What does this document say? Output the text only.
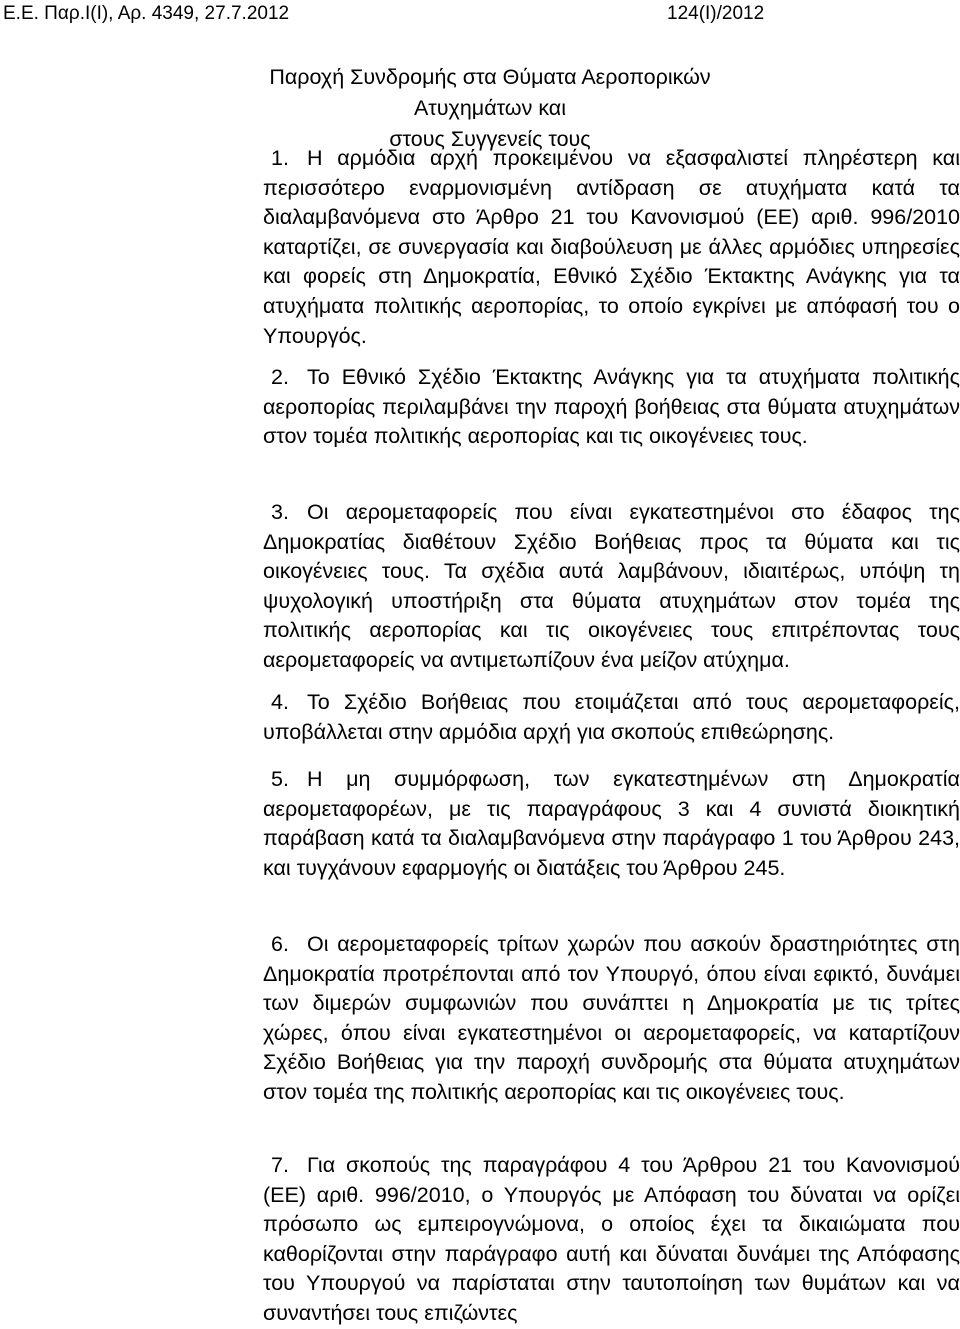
Ε.Ε. Παρ.Ι(Ι), Αρ. 4349, 27.7.2012	124(Ι)/2012
Παροχή Συνδρομής στα Θύματα Αεροπορικών Ατυχημάτων και
στους Συγγενείς τους

1. Η αρμόδια αρχή προκειμένου να εξασφαλιστεί πληρέστερη και περισσότερο εναρμονισμένη αντίδραση σε ατυχήματα κατά τα διαλαμβανόμενα στο Άρθρο 21 του Κανονισμού (ΕΕ) αριθ. 996/2010 καταρτίζει, σε συνεργασία και διαβούλευση με άλλες αρμόδιες υπηρεσίες και φορείς στη Δημοκρατία, Εθνικό Σχέδιο Έκτακτης Ανάγκης για τα ατυχήματα πολιτικής αεροπορίας, το οποίο εγκρίνει με απόφασή του ο Υπουργός.

2. Το Εθνικό Σχέδιο Έκτακτης Ανάγκης για τα ατυχήματα πολιτικής αεροπορίας περιλαμβάνει την παροχή βοήθειας στα θύματα ατυχημάτων στον τομέα πολιτικής αεροπορίας και τις οικογένειες τους.

3. Οι αερομεταφορείς που είναι εγκατεστημένοι στο έδαφος της Δημοκρατίας διαθέτουν Σχέδιο Βοήθειας προς τα θύματα και τις οικογένειες τους. Τα σχέδια αυτά λαμβάνουν, ιδιαιτέρως, υπόψη τη ψυχολογική υποστήριξη στα θύματα ατυχημάτων στον τομέα της πολιτικής αεροπορίας και τις οικογένειες τους επιτρέποντας τους αερομεταφορείς να αντιμετωπίζουν ένα μείζον ατύχημα.

4. Το Σχέδιο Βοήθειας που ετοιμάζεται από τους αερομεταφορείς, υποβάλλεται στην αρμόδια αρχή για σκοπούς επιθεώρησης.

5. Η μη συμμόρφωση, των εγκατεστημένων στη Δημοκρατία αερομεταφορέων, με τις παραγράφους 3 και 4 συνιστά διοικητική παράβαση κατά τα διαλαμβανόμενα στην παράγραφο 1 του Άρθρου 243, και τυγχάνουν εφαρμογής οι διατάξεις του Άρθρου 245.

6. Οι αερομεταφορείς τρίτων χωρών που ασκούν δραστηριότητες στη Δημοκρατία προτρέπονται από τον Υπουργό, όπου είναι εφικτό, δυνάμει των διμερών συμφωνιών που συνάπτει η Δημοκρατία με τις τρίτες χώρες, όπου είναι εγκατεστημένοι οι αερομεταφορείς, να καταρτίζουν Σχέδιο Βοήθειας για την παροχή συνδρομής στα θύματα ατυχημάτων στον τομέα της πολιτικής αεροπορίας και τις οικογένειες τους.

7. Για σκοπούς της παραγράφου 4 του Άρθρου 21 του Κανονισμού (ΕΕ) αριθ. 996/2010, ο Υπουργός με Απόφαση του δύναται να ορίζει πρόσωπο ως εμπειρογνώμονα, ο οποίος έχει τα δικαιώματα που καθορίζονται στην παράγραφο αυτή και δύναται δυνάμει της Απόφασης του Υπουργού να παρίσταται στην ταυτοποίηση των θυμάτων και να συναντήσει τους επιζώντες
